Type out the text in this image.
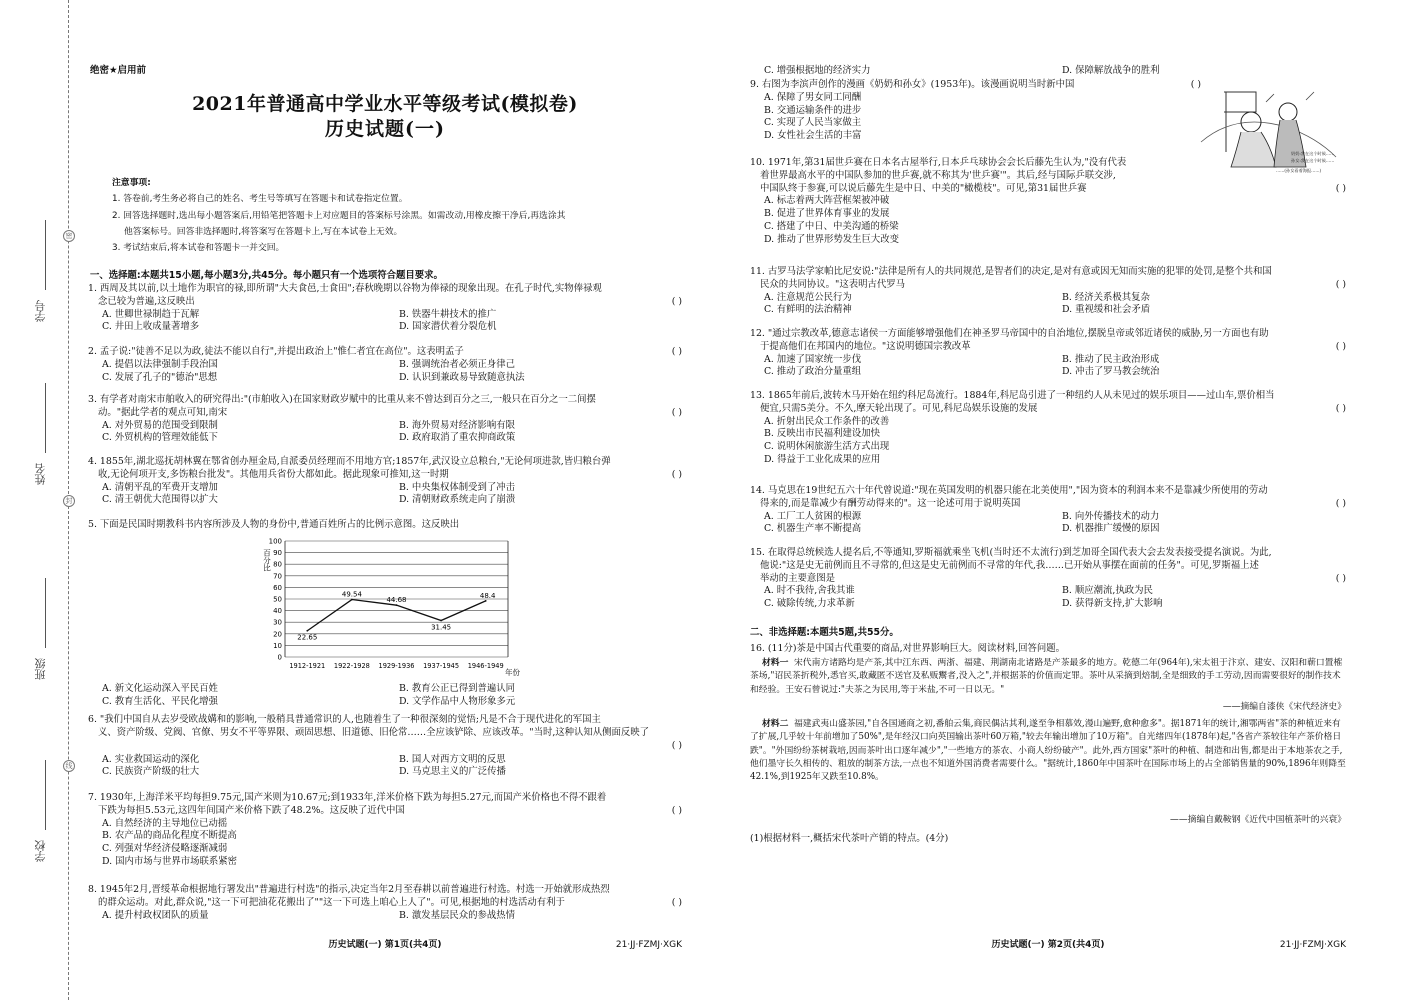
密
封
线
学号
姓名
班级
学校
绝密★启用前
2021年普通高中学业水平等级考试(模拟卷)
历史试题(一)
注意事项:
1. 答卷前,考生务必将自己的姓名、考生号等填写在答题卡和试卷指定位置。
2. 回答选择题时,选出每小题答案后,用铅笔把答题卡上对应题目的答案标号涂黑。如需改动,用橡皮擦干净后,再选涂其
他答案标号。回答非选择题时,将答案写在答题卡上,写在本试卷上无效。
3. 考试结束后,将本试卷和答题卡一并交回。
一、选择题:本题共15小题,每小题3分,共45分。每小题只有一个选项符合题目要求。
1. 西周及其以前,以土地作为职官的禄,即所谓"大夫食邑,士食田";春秋晚期以谷物为俸禄的现象出现。在孔子时代,实物俸禄观
念已较为普遍,这反映出	( )
A. 世卿世禄制趋于瓦解	B. 铁器牛耕技术的推广
C. 井田上收成量著增多	D. 国家潜伏着分裂危机
2. 孟子说:"徒善不足以为政,徒法不能以自行",并提出政治上"惟仁者宜在高位"。这表明孟子	( )
A. 提倡以法律强制手段治国	B. 强调统治者必须正身律己
C. 发展了孔子的"德治"思想	D. 认识到兼政易导致随意执法
3. 有学者对南宋市舶收入的研究得出:"(市舶收入)在国家财政岁赋中的比重从来不曾达到百分之三,一般只在百分之一二间摆
动。"据此学者的观点可知,南宋	( )
A. 对外贸易的范围受到限制	B. 海外贸易对经济影响有限
C. 外贸机构的管理效能低下	D. 政府取消了重农抑商政策
4. 1855年,湖北巡抚胡林翼在鄂省创办厘金局,自派委员经理而不用地方官;1857年,武汉设立总粮台,"无论何项进款,皆归粮台弹
收,无论何项开支,多饬粮台批发"。其他用兵省份大都如此。据此现象可推知,这一时期	( )
A. 清朝平乱的军费开支增加	B. 中央集权体制受到了冲击
C. 清王朝优大范围得以扩大	D. 清朝财政系统走向了崩溃
5. 下面是民国时期教科书内容所涉及人物的身份中,普通百姓所占的比例示意图。这反映出
0
10
20
30
40
50
60
70
80
90
100
1912-1921 1922-1928 1929-1936 1937-1945 1946-1949
22.65
49.54
44.68
31.45
48.4
百分比
年份
A. 新文化运动深入平民百姓	B. 教育公正已得到普遍认同
C. 教育生活化、平民化增强	D. 文学作品中人物形象多元
6. "我们中国自从去岁受欧战媾和的影响,一般稍具普通常识的人,也随着生了一种很深刻的觉悟;凡是不合于现代进化的军国主
义、资产阶级、党阀、官僚、男女不平等界限、顽固思想、旧道德、旧伦常……全应该铲除、应该改革。"当时,这种认知从侧面反映了
( )
A. 实业救国运动的深化	B. 国人对西方文明的反思
C. 民族资产阶级的壮大	D. 马克思主义的广泛传播
7. 1930年,上海洋米平均每担9.75元,国产米则为10.67元;到1933年,洋米价格下跌为每担5.27元,而国产米价格也不得不跟着
下跌为每担5.53元,这四年间国产米价格下跌了48.2%。这反映了近代中国	( )
A. 自然经济的主导地位已动摇
B. 农产品的商品化程度不断提高
C. 列强对华经济侵略逐渐减弱
D. 国内市场与世界市场联系紧密
8. 1945年2月,晋绥革命根据地行署发出"普遍进行村选"的指示,决定当年2月至春耕以前普遍进行村选。村选一开始就形成热烈
的群众运动。对此,群众说,"这一下可把油花花搬出了""这一下可选上咱心上人了"。可见,根据地的村选活动有利于	( )
A. 提升村政权团队的质量	B. 激发基层民众的参战热情
历史试题(一) 第1页(共4页)	21·JJ·FZMJ·XGK
C. 增强根据地的经济实力	D. 保障解放战争的胜利
奶奶:我在这个时候……
孙女:我在这个时候……
……(孙女看着海报……)
9. 右图为李滨声创作的漫画《奶奶和孙女》(1953年)。该漫画说明当时新中国	( )
A. 保障了男女同工同酬
B. 交通运输条件的进步
C. 实现了人民当家做主
D. 女性社会生活的丰富
10. 1971年,第31届世乒赛在日本名古屋举行,日本乒乓球协会会长后藤先生认为,"没有代表
着世界最高水平的中国队参加的世乒赛,就不称其为'世乒赛'"。其后,经与国际乒联交涉,
中国队终于参赛,可以说后藤先生是中日、中美的"橄榄枝"。可见,第31届世乒赛	( )
A. 标志着两大阵营框架被冲破
B. 促进了世界体育事业的发展
C. 搭建了中日、中美沟通的桥梁
D. 推动了世界形势发生巨大改变
11. 古罗马法学家帕比尼安说:"法律是所有人的共同规范,是智者们的决定,是对有意或因无知而实施的犯罪的处罚,是整个共和国
民众的共同协议。"这表明古代罗马	( )
A. 注意规范公民行为	B. 经济关系极其复杂
C. 有鲜明的法治精神	D. 重视缓和社会矛盾
12. "通过宗教改革,德意志诸侯一方面能够增强他们在神圣罗马帝国中的自治地位,摆脱皇帝或邻近诸侯的威胁,另一方面也有助
于提高他们在邦国内的地位。"这说明德国宗教改革	( )
A. 加速了国家统一步伐	B. 推动了民主政治形成
C. 推动了政治分量重组	D. 冲击了罗马教会统治
13. 1865年前后,波转木马开始在纽约科尼岛流行。1884年,科尼岛引进了一种纽约人从未见过的娱乐项目——过山车,票价相当
便宜,只需5美分。不久,摩天轮出现了。可见,科尼岛娱乐设施的发展	( )
A. 折射出民众工作条件的改善
B. 反映出市民福利建设加快
C. 说明休闲旅游生活方式出现
D. 得益于工业化成果的应用
14. 马克思在19世纪五六十年代曾说道:"现在英国发明的机器只能在北美使用","因为资本的利润本来不是靠减少所使用的劳动
得来的,而是靠减少有酬劳动得来的"。这一论述可用于说明英国	( )
A. 工厂工人贫困的根源	B. 向外传播技术的动力
C. 机器生产率不断提高	D. 机器推广缓慢的原因
15. 在取得总统候选人提名后,不等通知,罗斯福就乘坐飞机(当时还不太流行)到芝加哥全国代表大会去发表接受提名演说。为此,
他说:"这是史无前例而且不寻常的,但这是史无前例而不寻常的年代,我……已开始从事摆在面前的任务"。可见,罗斯福上述
举动的主要意图是	( )
A. 时不我待,舍我其谁	B. 顺应潮流,执政为民
C. 破除传统,力求革新	D. 获得新支持,扩大影响
二、非选择题:本题共5题,共55分。
16. (11分)茶是中国古代重要的商品,对世界影响巨大。阅读材料,回答问题。
材料一 宋代南方诸路均是产茶,其中江东西、两浙、福建、荆湖南北诸路是产茶最多的地方。乾德二年(964年),宋太祖于汴京、建安、汉阳和蕲口置榷茶场,"诏民茶折税外,悉官买,敢藏匿不送官及私贩鬻者,没入之",并根据茶的价值而定罪。茶叶从采摘到焙制,全是细致的手工劳动,因而需要很好的制作技术和经验。王安石曾说过:"夫茶之为民用,等于米盐,不可一日以无。"
——摘编自漆侠《宋代经济史》
材料二 福建武夷山盛茶园,"自各国通商之初,番舶云集,商民偶沾其利,遂至争相慕效,漫山遍野,愈种愈多"。据1871年的统计,湘鄂两省"茶的种植近来有了扩展,几乎较十年前增加了50%",是年经汉口向英国输出茶叶60万箱,"较去年输出增加了10万箱"。自光绪四年(1878年)起,"各省产茶较往年产茶价格日跌"。"外国纷纷茶树栽培,因而茶叶出口逐年减少","一些地方的茶农、小商人纷纷破产"。此外,西方国家"茶叶的种植、制造和出售,都是出于本地茶农之手,他们墨守长久相传的、粗放的制茶方法,一点也不知道外国消费者需要什么。"据统计,1860年中国茶叶在国际市场上的占全部销售量的90%,1896年则降至42.1%,到1925年又跌至10.8%。
——摘编自戴鞍钢《近代中国植茶叶的兴衰》
(1)根据材料一,概括宋代茶叶产销的特点。(4分)
历史试题(一) 第2页(共4页)	21·JJ·FZMJ·XGK
